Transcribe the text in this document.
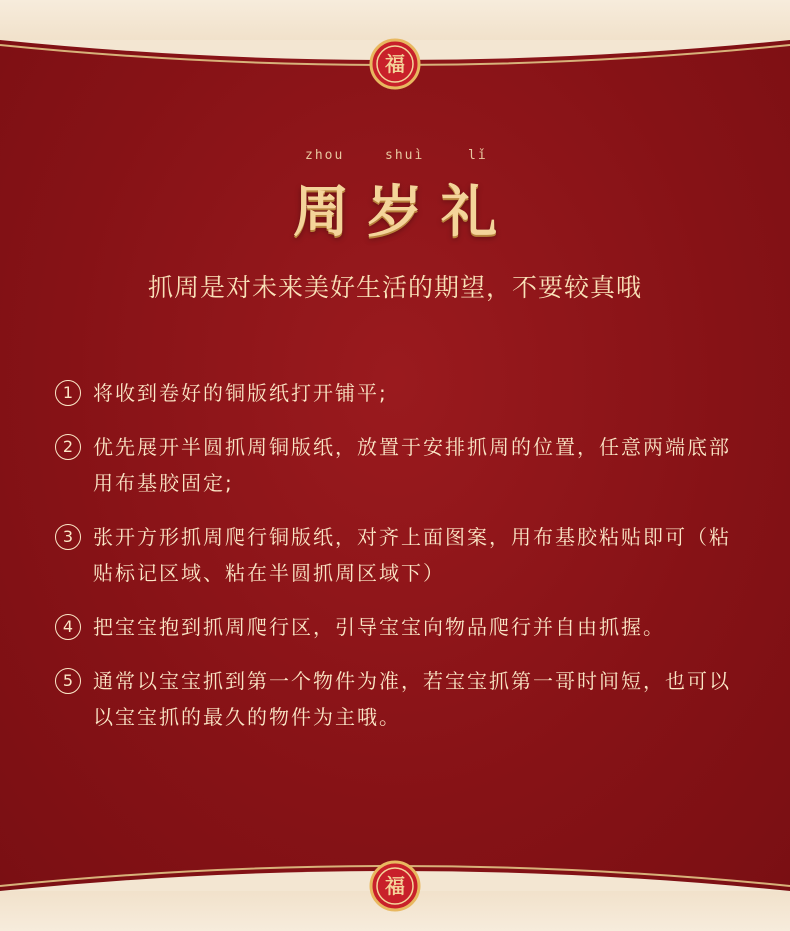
福
福
zhou	shuì	lǐ
周岁礼
抓周是对未来美好生活的期望，不要较真哦
1 将收到卷好的铜版纸打开铺平;
2 优先展开半圆抓周铜版纸，放置于安排抓周的位置，任意两端底部用布基胶固定;
3 张开方形抓周爬行铜版纸，对齐上面图案，用布基胶粘贴即可（粘贴标记区域、粘在半圆抓周区域下）
4 把宝宝抱到抓周爬行区，引导宝宝向物品爬行并自由抓握。
5 通常以宝宝抓到第一个物件为准，若宝宝抓第一哥时间短，也可以以宝宝抓的最久的物件为主哦。
